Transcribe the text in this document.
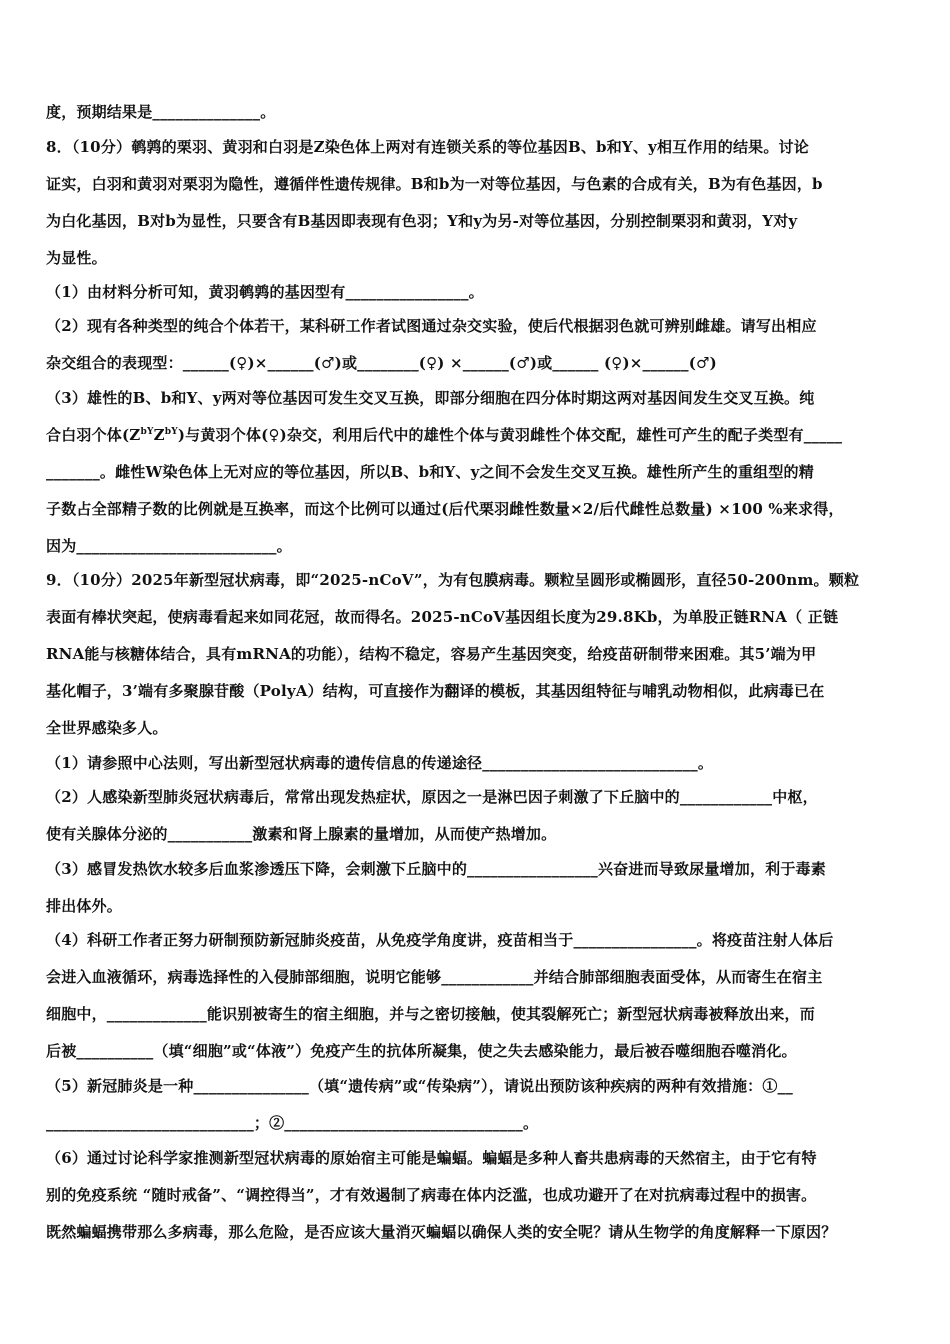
度，预期结果是______________。
8．（10分）鹌鹑的栗羽、黄羽和白羽是Z染色体上两对有连锁关系的等位基因B、b和Y、y相互作用的结果。讨论
证实，白羽和黄羽对栗羽为隐性，遵循伴性遗传规律。B和b为一对等位基因，与色素的合成有关，B为有色基因，b
为白化基因，B对b为显性，只要含有B基因即表现有色羽；Y和y为另-对等位基因，分别控制栗羽和黄羽，Y对y
为显性。
（1）由材料分析可知，黄羽鹌鹑的基因型有________________。
（2）现有各种类型的纯合个体若干，某科研工作者试图通过杂交实验，使后代根据羽色就可辨别雌雄。请写出相应
杂交组合的表现型：______(♀)×______(♂)或________(♀) ×______(♂)或______ (♀)×______(♂)
（3）雄性的B、b和Y、y两对等位基因可发生交叉互换，即部分细胞在四分体时期这两对基因间发生交叉互换。纯
合白羽个体$(Z^{bY}Z^{bY})$与黄羽个体(♀)杂交，利用后代中的雄性个体与黄羽雌性个体交配，雄性可产生的配子类型有_____
_______。雌性W染色体上无对应的等位基因，所以B、b和Y、y之间不会发生交叉互换。雄性所产生的重组型的精
子数占全部精子数的比例就是互换率，而这个比例可以通过(后代栗羽雌性数量×2/后代雌性总数量) ×100 %来求得，
因为__________________________。
9．（10分）2025年新型冠状病毒，即“2025-nCoV”，为有包膜病毒。颗粒呈圆形或椭圆形，直径50-200nm。颗粒
表面有棒状突起，使病毒看起来如同花冠，故而得名。2025-nCoV基因组长度为29.8Kb，为单股正链RNA（ 正链
RNA能与核糖体结合，具有mRNA的功能），结构不稳定，容易产生基因突变，给疫苗研制带来困难。其5’端为甲
基化帽子，3’端有多聚腺苷酸（PolyA）结构，可直接作为翻译的模板，其基因组特征与哺乳动物相似，此病毒已在
全世界感染多人。
（1）请参照中心法则，写出新型冠状病毒的遗传信息的传递途径____________________________。
（2）人感染新型肺炎冠状病毒后，常常出现发热症状，原因之一是淋巴因子刺激了下丘脑中的____________中枢，
使有关腺体分泌的___________激素和肾上腺素的量增加，从而使产热增加。
（3）感冒发热饮水较多后血浆渗透压下降，会刺激下丘脑中的_________________兴奋进而导致尿量增加，利于毒素
排出体外。
（4）科研工作者正努力研制预防新冠肺炎疫苗，从免疫学角度讲，疫苗相当于________________。将疫苗注射人体后
会进入血液循环，病毒选择性的入侵肺部细胞，说明它能够____________并结合肺部细胞表面受体，从而寄生在宿主
细胞中，_____________能识别被寄生的宿主细胞，并与之密切接触，使其裂解死亡；新型冠状病毒被释放出来，而
后被__________（填“细胞”或“体液”）免疫产生的抗体所凝集，使之失去感染能力，最后被吞噬细胞吞噬消化。
（5）新冠肺炎是一种_______________（填“遗传病”或“传染病”），请说出预防该种疾病的两种有效措施：①__
___________________________；②_______________________________。
（6）通过讨论科学家推测新型冠状病毒的原始宿主可能是蝙蝠。蝙蝠是多种人畜共患病毒的天然宿主，由于它有特
别的免疫系统 “随时戒备”、“调控得当”，才有效遏制了病毒在体内泛滥，也成功避开了在对抗病毒过程中的损害。
既然蝙蝠携带那么多病毒，那么危险，是否应该大量消灭蝙蝠以确保人类的安全呢？请从生物学的角度解释一下原因？
